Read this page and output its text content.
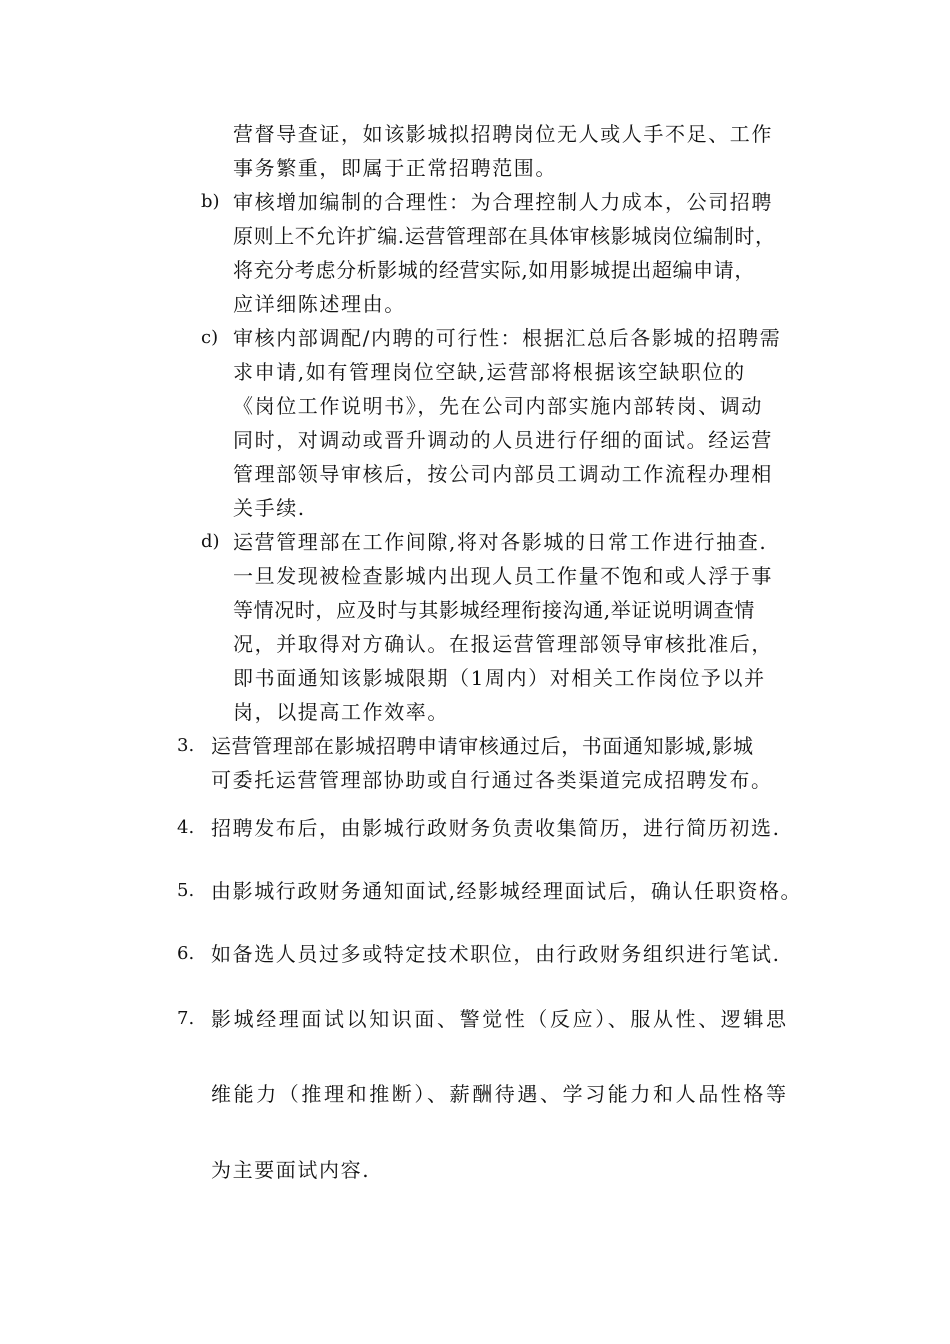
营督导查证，如该影城拟招聘岗位无人或人手不足、工作
事务繁重，即属于正常招聘范围。
b) 审核增加编制的合理性：为合理控制人力成本，公司招聘
原则上不允许扩编.运营管理部在具体审核影城岗位编制时，
将充分考虑分析影城的经营实际,如用影城提出超编申请，
应详细陈述理由。
c) 审核内部调配/内聘的可行性：根据汇总后各影城的招聘需
求申请,如有管理岗位空缺,运营部将根据该空缺职位的
《岗位工作说明书》，先在公司内部实施内部转岗、调动
同时，对调动或晋升调动的人员进行仔细的面试。经运营
管理部领导审核后，按公司内部员工调动工作流程办理相
关手续.
d) 运营管理部在工作间隙,将对各影城的日常工作进行抽查.
一旦发现被检查影城内出现人员工作量不饱和或人浮于事
等情况时，应及时与其影城经理衔接沟通,举证说明调查情
况，并取得对方确认。在报运营管理部领导审核批准后，
即书面通知该影城限期（1周内）对相关工作岗位予以并
岗，以提高工作效率。
3. 运营管理部在影城招聘申请审核通过后，书面通知影城,影城
可委托运营管理部协助或自行通过各类渠道完成招聘发布。
4. 招聘发布后，由影城行政财务负责收集简历，进行简历初选.
5. 由影城行政财务通知面试,经影城经理面试后，确认任职资格。
6. 如备选人员过多或特定技术职位，由行政财务组织进行笔试.
7. 影城经理面试以知识面、警觉性（反应）、服从性、逻辑思
维能力（推理和推断）、薪酬待遇、学习能力和人品性格等
为主要面试内容.
